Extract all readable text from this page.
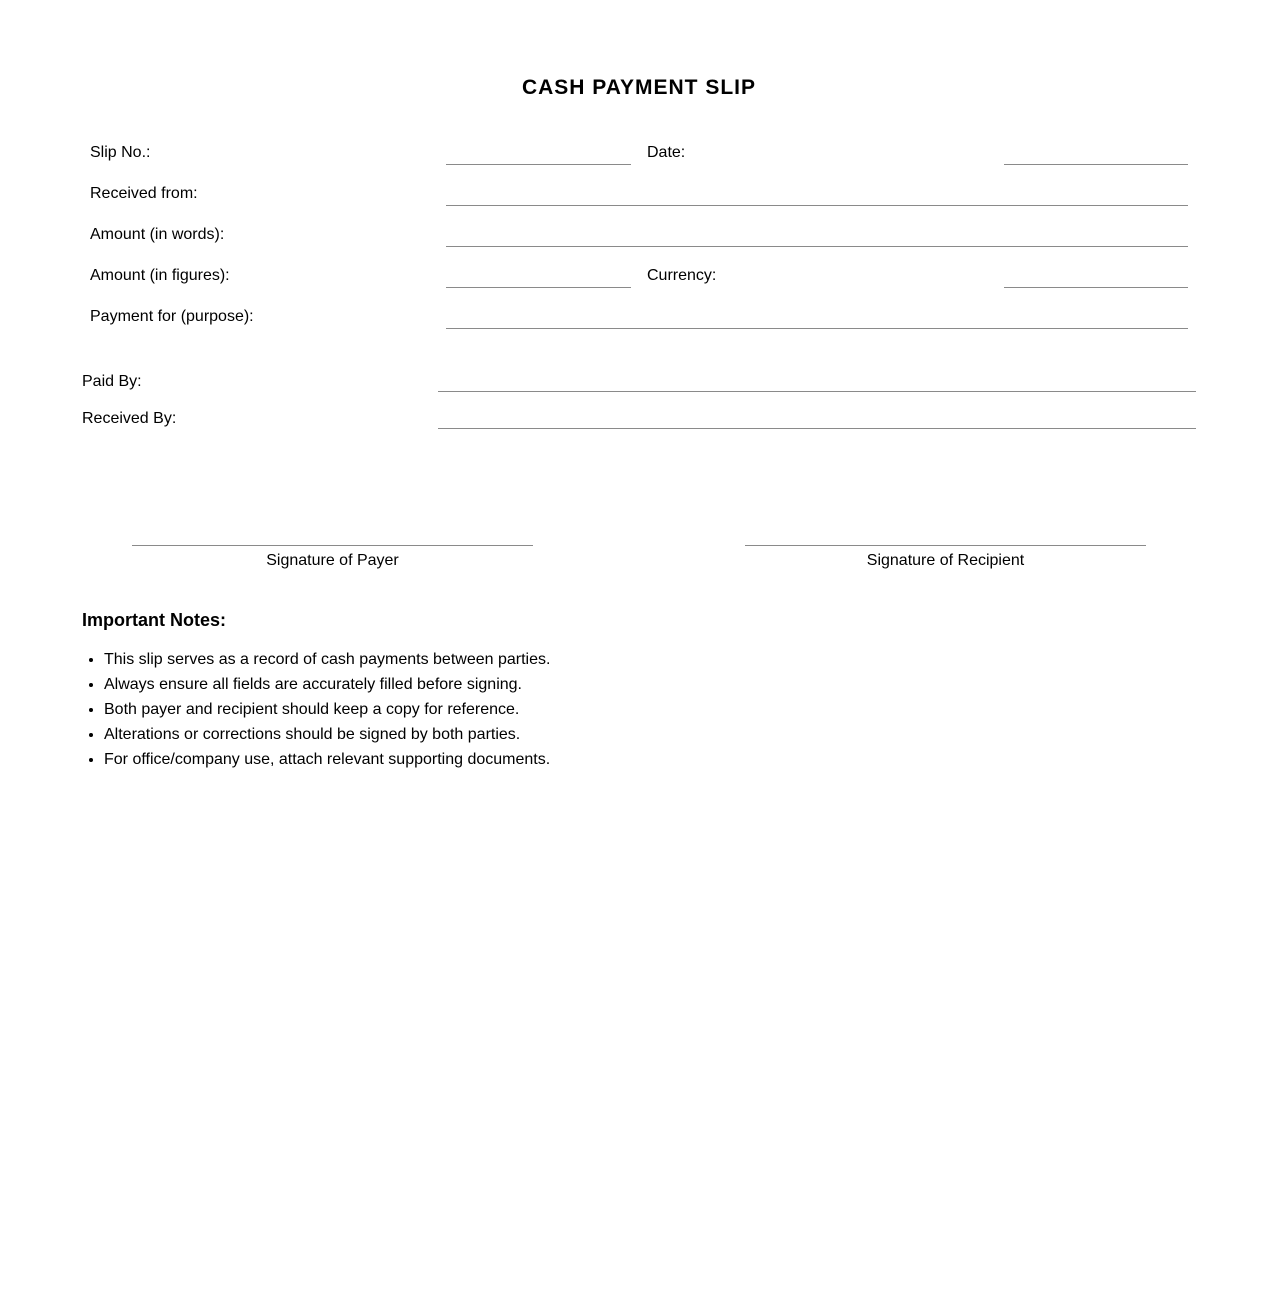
CASH PAYMENT SLIP
Slip No.:	Date:
Received from:
Amount (in words):
Amount (in figures):	Currency:
Payment for (purpose):
Paid By:
Received By:
Signature of Payer	Signature of Recipient
Important Notes:
• This slip serves as a record of cash payments between parties.
• Always ensure all fields are accurately filled before signing.
• Both payer and recipient should keep a copy for reference.
• Alterations or corrections should be signed by both parties.
• For office/company use, attach relevant supporting documents.
